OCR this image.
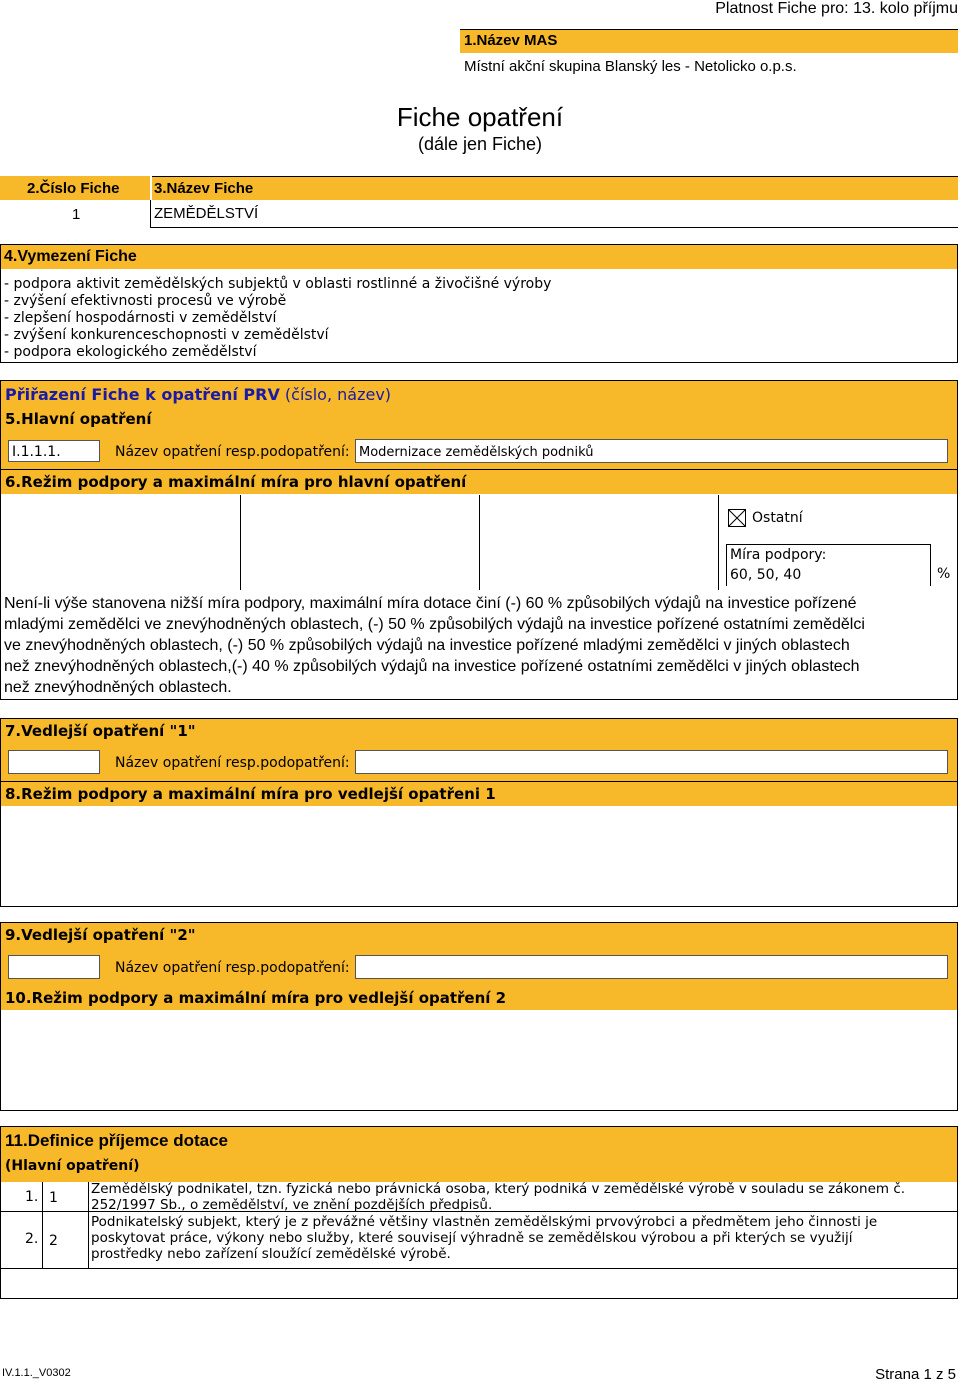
Platnost Fiche pro: 13. kolo příjmu
1.Název MAS
Místní akční skupina Blanský les - Netolicko o.p.s.
Fiche opatření
(dále jen Fiche)
2.Číslo Fiche 3.Název Fiche
1	ZEMĚDĚLSTVÍ
4.Vymezení Fiche
- podpora aktivit zemědělských subjektů v oblasti rostlinné a živočišné výroby
- zvýšení efektivnosti procesů ve výrobě
- zlepšení hospodárnosti v zemědělství
- zvýšení konkurenceschopnosti v zemědělství
- podpora ekologického zemědělství
Přiřazení Fiche k opatření PRV (číslo, název)
5.Hlavní opatření
I.1.1.1.	Název opatření resp.podopatření: Modernizace zemědělských podniků
6.Režim podpory a maximální míra pro hlavní opatření
Ostatní
Míra podpory:
60, 50, 40	%
Není-li výše stanovena nižší míra podpory, maximální míra dotace činí (-) 60 % způsobilých výdajů na investice pořízené
mladými zemědělci ve znevýhodněných oblastech, (-) 50 % způsobilých výdajů na investice pořízené ostatními zemědělci
ve znevýhodněných oblastech, (-) 50 % způsobilých výdajů na investice pořízené mladými zemědělci v jiných oblastech
než znevýhodněných oblastech,(-) 40 % způsobilých výdajů na investice pořízené ostatními zemědělci v jiných oblastech
než znevýhodněných oblastech.
7.Vedlejší opatření "1"
Název opatření resp.podopatření:
8.Režim podpory a maximální míra pro vedlejší opatřeni 1
9.Vedlejší opatření "2"
Název opatření resp.podopatření:
10.Režim podpory a maximální míra pro vedlejší opatření 2
11.Definice příjemce dotace
(Hlavní opatření)
1. 1
Zemědělský podnikatel, tzn. fyzická nebo právnická osoba, který podniká v zemědělské výrobě v souladu se zákonem č.
252/1997 Sb., o zemědělství, ve znění pozdějších předpisů.
2. 2
Podnikatelský subjekt, který je z převážné většiny vlastněn zemědělskými prvovýrobci a předmětem jeho činnosti je
poskytovat práce, výkony nebo služby, které souvisejí výhradně se zemědělskou výrobou a při kterých se využijí
prostředky nebo zařízení sloužící zemědělské výrobě.
IV.1.1._V0302	Strana 1 z 5
